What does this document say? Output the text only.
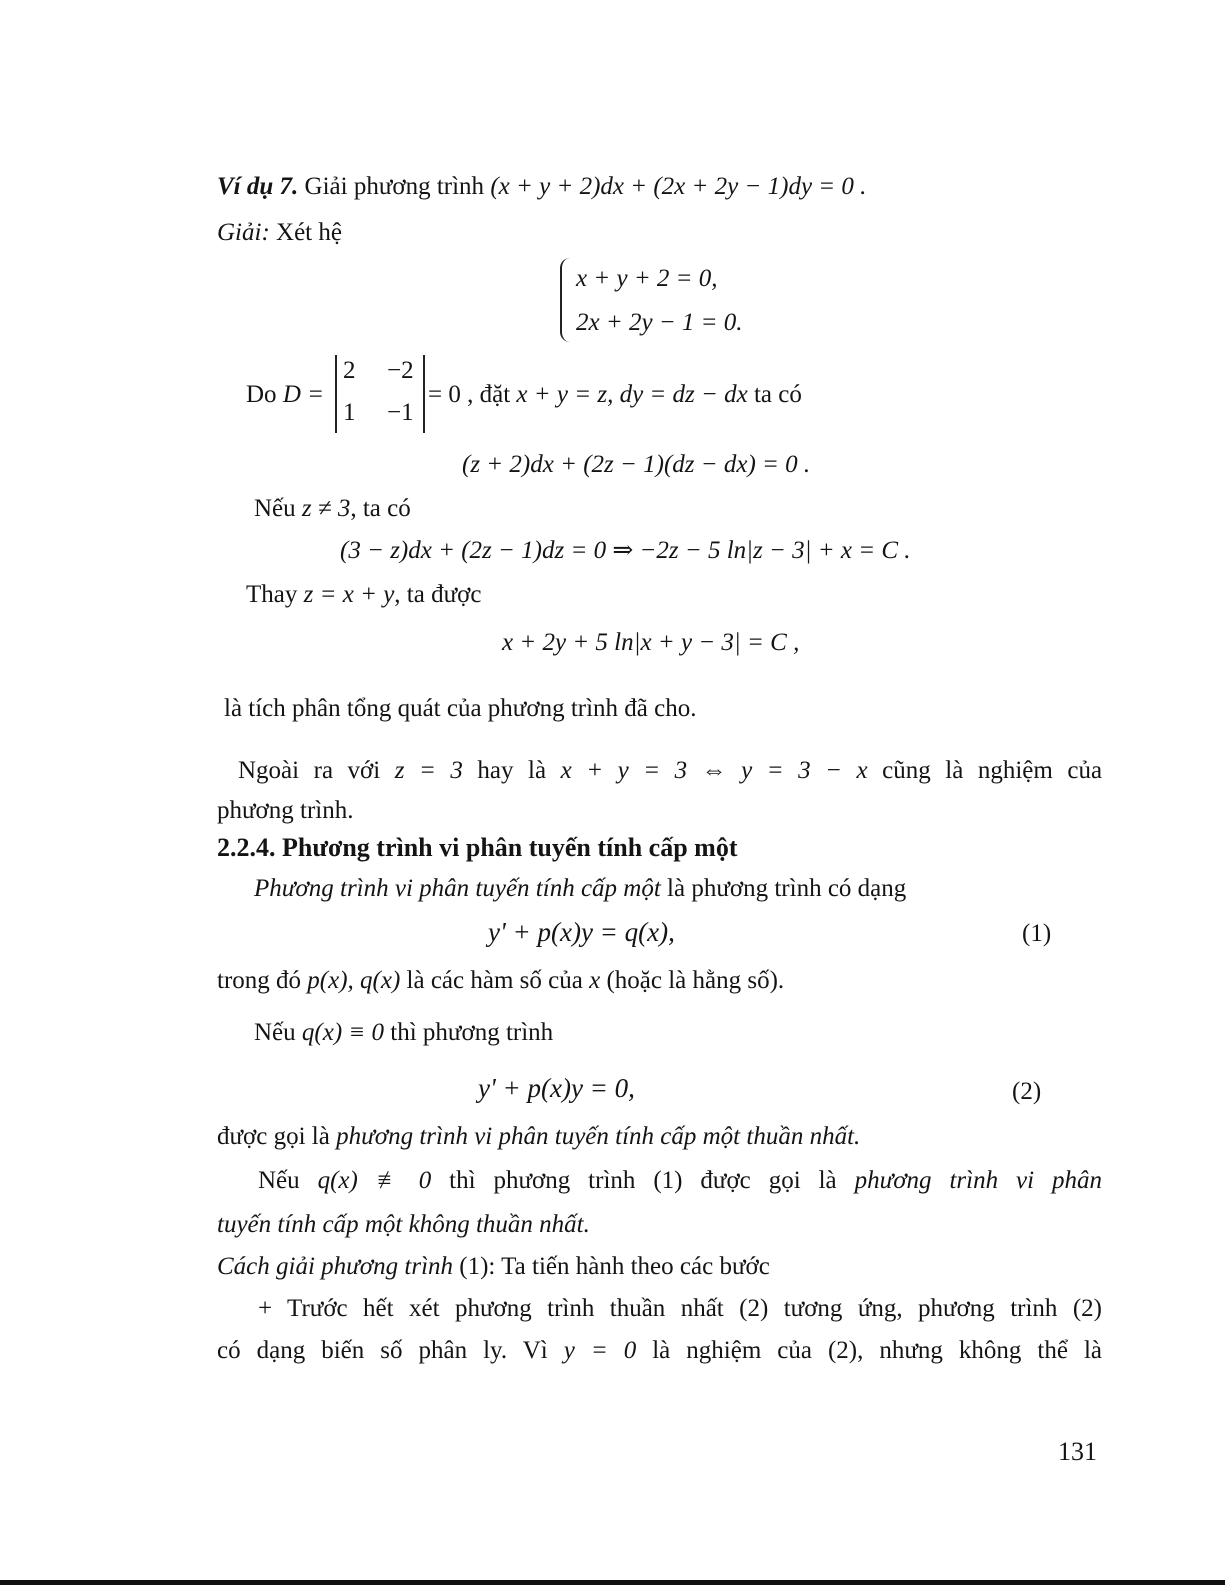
Ví dụ 7. Giải phương trình (x + y + 2)dx + (2x + 2y − 1)dy = 0 .
Giải: Xét hệ
x + y + 2 = 0,
2x + 2y − 1 = 0.
Do D =
2 −2
1 −1
= 0 , đặt x + y = z, dy = dz − dx ta có
(z + 2)dx + (2z − 1)(dz − dx) = 0 .
Nếu z ≠ 3, ta có
(3 − z)dx + (2z − 1)dz = 0 ⇒ −2z − 5 ln|z − 3| + x = C .
Thay z = x + y, ta được
x + 2y + 5 ln|x + y − 3| = C ,
là tích phân tổng quát của phương trình đã cho.
Ngoài ra với z = 3 hay là x + y = 3 ⇔ y = 3 − x cũng là nghiệm của
phương trình.
2.2.4. Phương trình vi phân tuyến tính cấp một
Phương trình vi phân tuyến tính cấp một là phương trình có dạng
y' + p(x)y = q(x),	(1)
trong đó p(x), q(x) là các hàm số của x (hoặc là hằng số).
Nếu q(x) ≡ 0 thì phương trình
y' + p(x)y = 0,	(2)
được gọi là phương trình vi phân tuyến tính cấp một thuần nhất.
Nếu q(x) ≢ 0 thì phương trình (1) được gọi là phương trình vi phân
tuyến tính cấp một không thuần nhất.
Cách giải phương trình (1): Ta tiến hành theo các bước
+ Trước hết xét phương trình thuần nhất (2) tương ứng, phương trình (2)
có dạng biến số phân ly. Vì y = 0 là nghiệm của (2), nhưng không thể là
131
